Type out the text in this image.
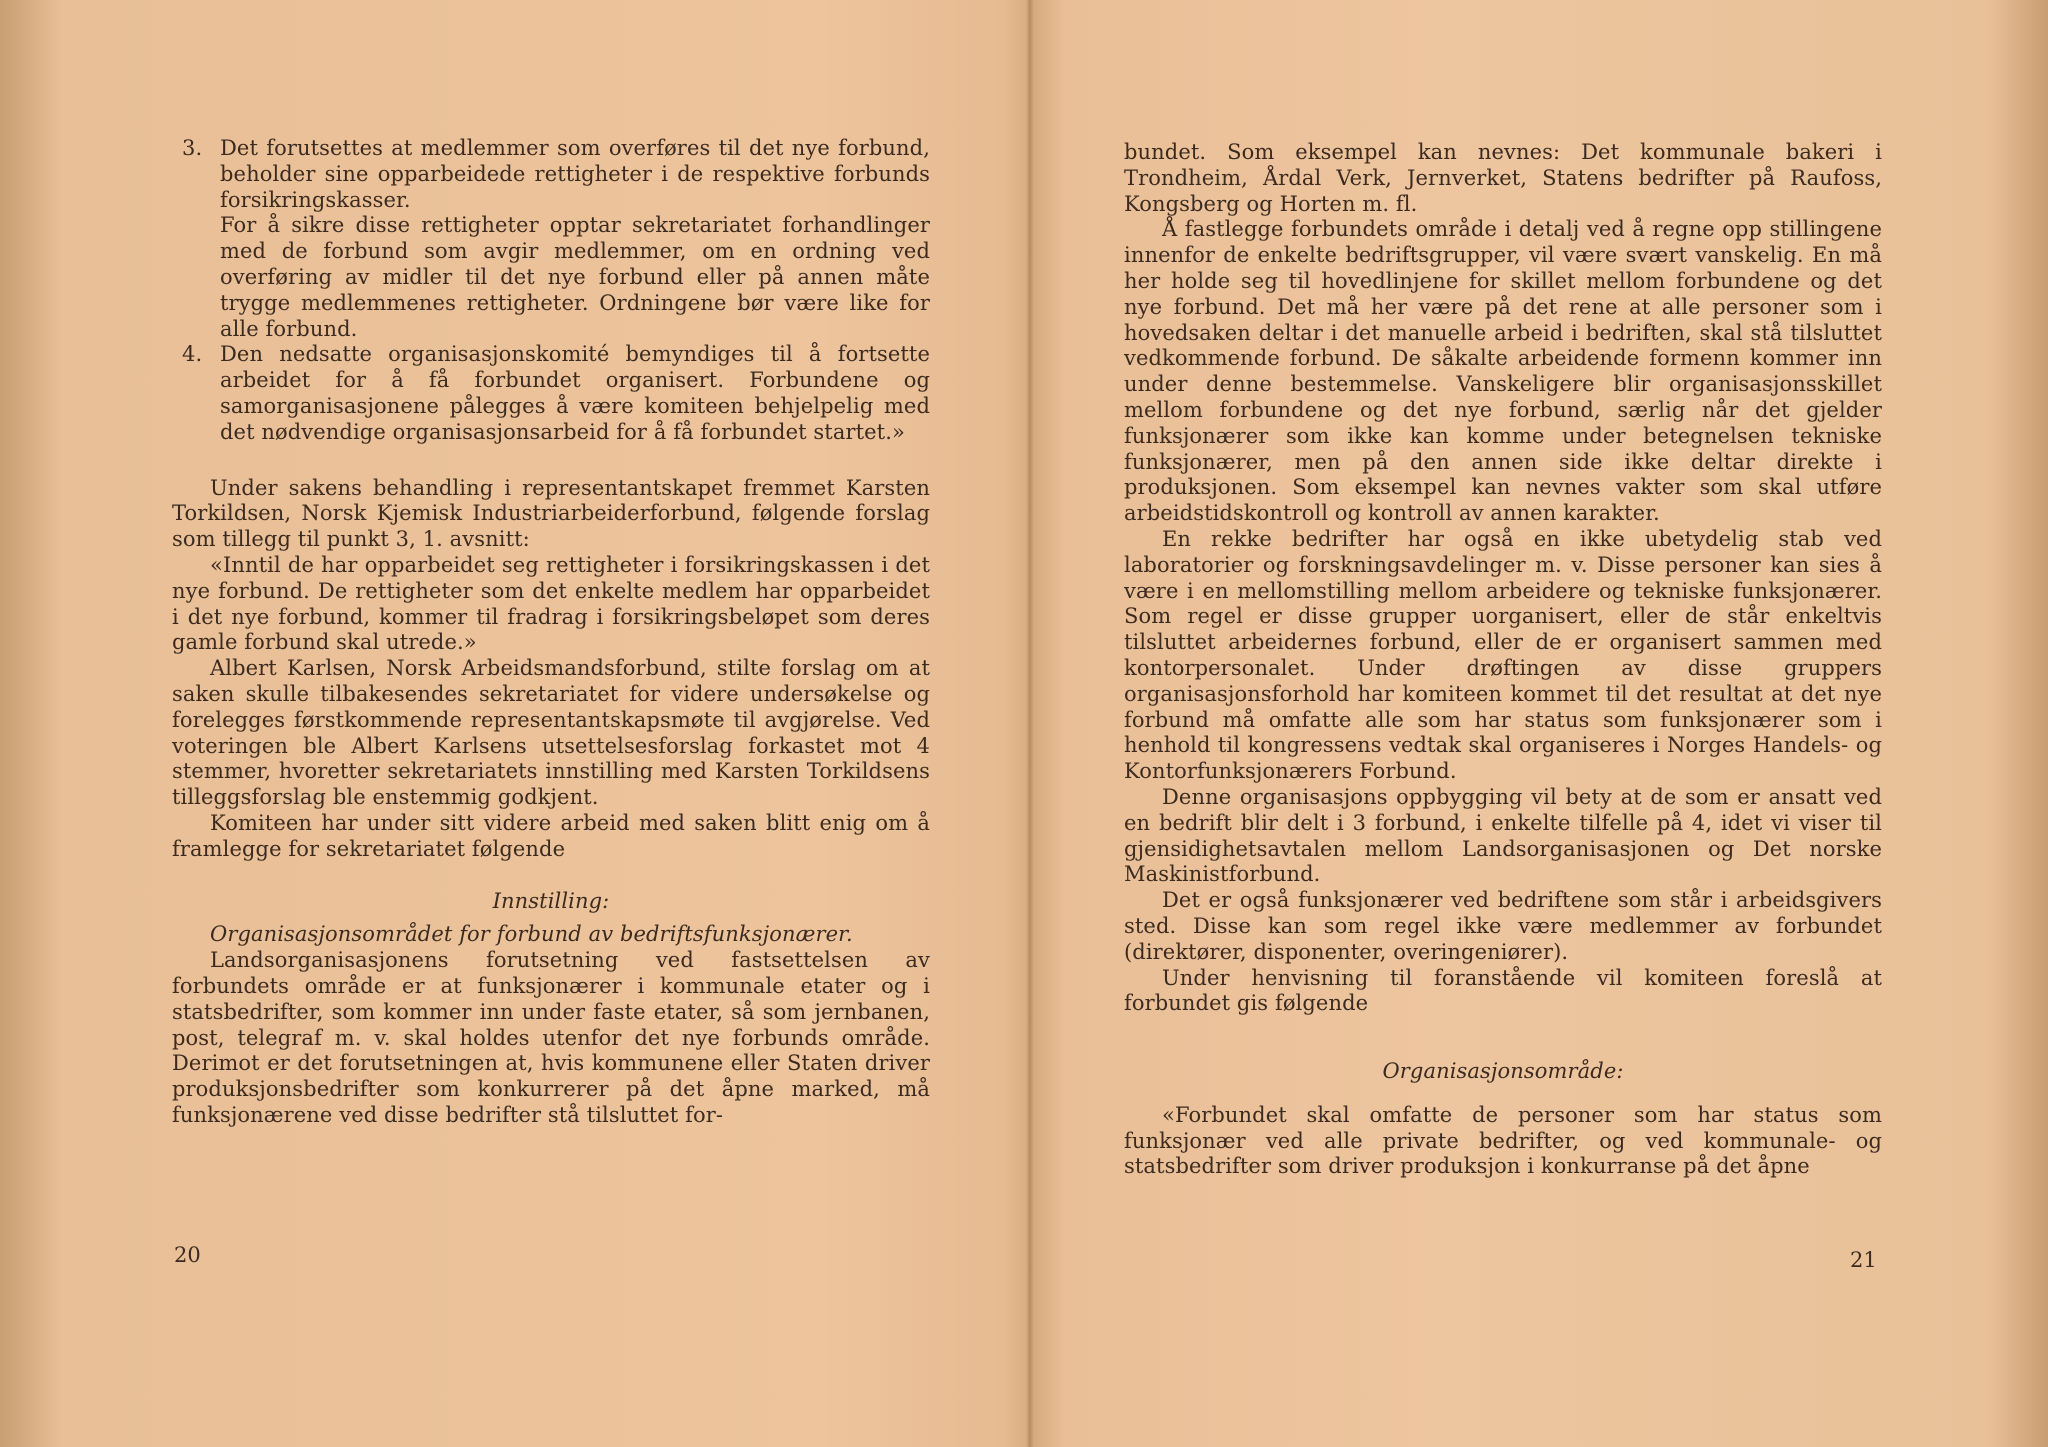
3. Det forutsettes at medlemmer som overføres til det nye forbund, beholder sine opparbeidede rettigheter i de respektive forbunds forsikringskasser.

For å sikre disse rettigheter opptar sekretariatet forhandlinger med de forbund som avgir medlemmer, om en ordning ved overføring av midler til det nye forbund eller på annen måte trygge medlemmenes rettigheter. Ordningene bør være like for alle forbund.

4. Den nedsatte organisasjonskomité bemyndiges til å fortsette arbeidet for å få forbundet organisert. Forbundene og samorganisasjonene pålegges å være komiteen behjelpelig med det nødvendige organisasjonsarbeid for å få forbundet startet.»

Under sakens behandling i representantskapet fremmet Karsten Torkildsen, Norsk Kjemisk Industriarbeiderforbund, følgende forslag som tillegg til punkt 3, 1. avsnitt:

«Inntil de har opparbeidet seg rettigheter i forsikringskassen i det nye forbund. De rettigheter som det enkelte medlem har opparbeidet i det nye forbund, kommer til fradrag i forsikringsbeløpet som deres gamle forbund skal utrede.»

Albert Karlsen, Norsk Arbeidsmandsforbund, stilte forslag om at saken skulle tilbakesendes sekretariatet for videre undersøkelse og forelegges førstkommende representantskapsmøte til avgjørelse. Ved voteringen ble Albert Karlsens utsettelsesforslag forkastet mot 4 stemmer, hvoretter sekretariatets innstilling med Karsten Torkildsens tilleggsforslag ble enstemmig godkjent.

Komiteen har under sitt videre arbeid med saken blitt enig om å framlegge for sekretariatet følgende

Innstilling:

Organisasjonsområdet for forbund av bedriftsfunksjonærer.

Landsorganisasjonens forutsetning ved fastsettelsen av forbundets område er at funksjonærer i kommunale etater og i statsbedrifter, som kommer inn under faste etater, så som jernbanen, post, telegraf m. v. skal holdes utenfor det nye forbunds område. Derimot er det forutsetningen at, hvis kommunene eller Staten driver produksjonsbedrifter som konkurrerer på det åpne marked, må funksjonærene ved disse bedrifter stå tilsluttet for-

20

bundet. Som eksempel kan nevnes: Det kommunale bakeri i Trondheim, Årdal Verk, Jernverket, Statens bedrifter på Raufoss, Kongsberg og Horten m. fl.

Å fastlegge forbundets område i detalj ved å regne opp stillingene innenfor de enkelte bedriftsgrupper, vil være svært vanskelig. En må her holde seg til hovedlinjene for skillet mellom forbundene og det nye forbund. Det må her være på det rene at alle personer som i hovedsaken deltar i det manuelle arbeid i bedriften, skal stå tilsluttet vedkommende forbund. De såkalte arbeidende formenn kommer inn under denne bestemmelse. Vanskeligere blir organisasjonsskillet mellom forbundene og det nye forbund, særlig når det gjelder funksjonærer som ikke kan komme under betegnelsen tekniske funksjonærer, men på den annen side ikke deltar direkte i produksjonen. Som eksempel kan nevnes vakter som skal utføre arbeidstidskontroll og kontroll av annen karakter.

En rekke bedrifter har også en ikke ubetydelig stab ved laboratorier og forskningsavdelinger m. v. Disse personer kan sies å være i en mellomstilling mellom arbeidere og tekniske funksjonærer. Som regel er disse grupper uorganisert, eller de står enkeltvis tilsluttet arbeidernes forbund, eller de er organisert sammen med kontorpersonalet. Under drøftingen av disse gruppers organisasjonsforhold har komiteen kommet til det resultat at det nye forbund må omfatte alle som har status som funksjonærer som i henhold til kongressens vedtak skal organiseres i Norges Handels- og Kontorfunksjonærers Forbund.

Denne organisasjons oppbygging vil bety at de som er ansatt ved en bedrift blir delt i 3 forbund, i enkelte tilfelle på 4, idet vi viser til gjensidighetsavtalen mellom Landsorganisasjonen og Det norske Maskinistforbund.

Det er også funksjonærer ved bedriftene som står i arbeidsgivers sted. Disse kan som regel ikke være medlemmer av forbundet (direktører, disponenter, overingeniører).

Under henvisning til foranstående vil komiteen foreslå at forbundet gis følgende

Organisasjonsområde:

«Forbundet skal omfatte de personer som har status som funksjonær ved alle private bedrifter, og ved kommunale- og statsbedrifter som driver produksjon i konkurranse på det åpne

21
